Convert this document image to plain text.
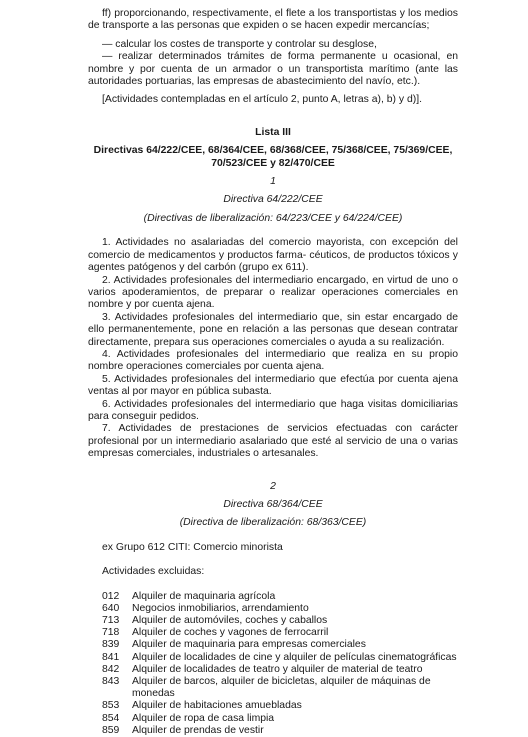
ff) proporcionando, respectivamente, el flete a los transportistas y los medios de transporte a las personas que expiden o se hacen expedir mercancías;

— calcular los costes de transporte y controlar su desglose,

— realizar determinados trámites de forma permanente u ocasional, en nombre y por cuenta de un armador o un transportista marítimo (ante las autoridades portuarias, las empresas de abastecimiento del navío, etc.).

[Actividades contempladas en el artículo 2, punto A, letras a), b) y d)].

Lista III

Directivas 64/222/CEE, 68/364/CEE, 68/368/CEE, 75/368/CEE, 75/369/CEE, 70/523/CEE y 82/470/CEE

1

Directiva 64/222/CEE

(Directivas de liberalización: 64/223/CEE y 64/224/CEE)

1. Actividades no asalariadas del comercio mayorista, con excepción del comercio de medicamentos y productos farma- céuticos, de productos tóxicos y agentes patógenos y del carbón (grupo ex 611).

2. Actividades profesionales del intermediario encargado, en virtud de uno o varios apoderamientos, de preparar o realizar operaciones comerciales en nombre y por cuenta ajena.

3. Actividades profesionales del intermediario que, sin estar encargado de ello permanentemente, pone en relación a las personas que desean contratar directamente, prepara sus operaciones comerciales o ayuda a su realización.

4. Actividades profesionales del intermediario que realiza en su propio nombre operaciones comerciales por cuenta ajena.

5. Actividades profesionales del intermediario que efectúa por cuenta ajena ventas al por mayor en pública subasta.

6. Actividades profesionales del intermediario que haga visitas domiciliarias para conseguir pedidos.

7. Actividades de prestaciones de servicios efectuadas con carácter profesional por un intermediario asalariado que esté al servicio de una o varias empresas comerciales, industriales o artesanales.

2

Directiva 68/364/CEE

(Directiva de liberalización: 68/363/CEE)

ex Grupo 612 CITI: Comercio minorista

Actividades excluidas:

012	Alquiler de maquinaria agrícola
640	Negocios inmobiliarios, arrendamiento
713	Alquiler de automóviles, coches y caballos
718	Alquiler de coches y vagones de ferrocarril
839	Alquiler de maquinaria para empresas comerciales
841	Alquiler de localidades de cine y alquiler de películas cinematográficas
842	Alquiler de localidades de teatro y alquiler de material de teatro
843	Alquiler de barcos, alquiler de bicicletas, alquiler de máquinas de monedas
853	Alquiler de habitaciones amuebladas
854	Alquiler de ropa de casa limpia
859	Alquiler de prendas de vestir
